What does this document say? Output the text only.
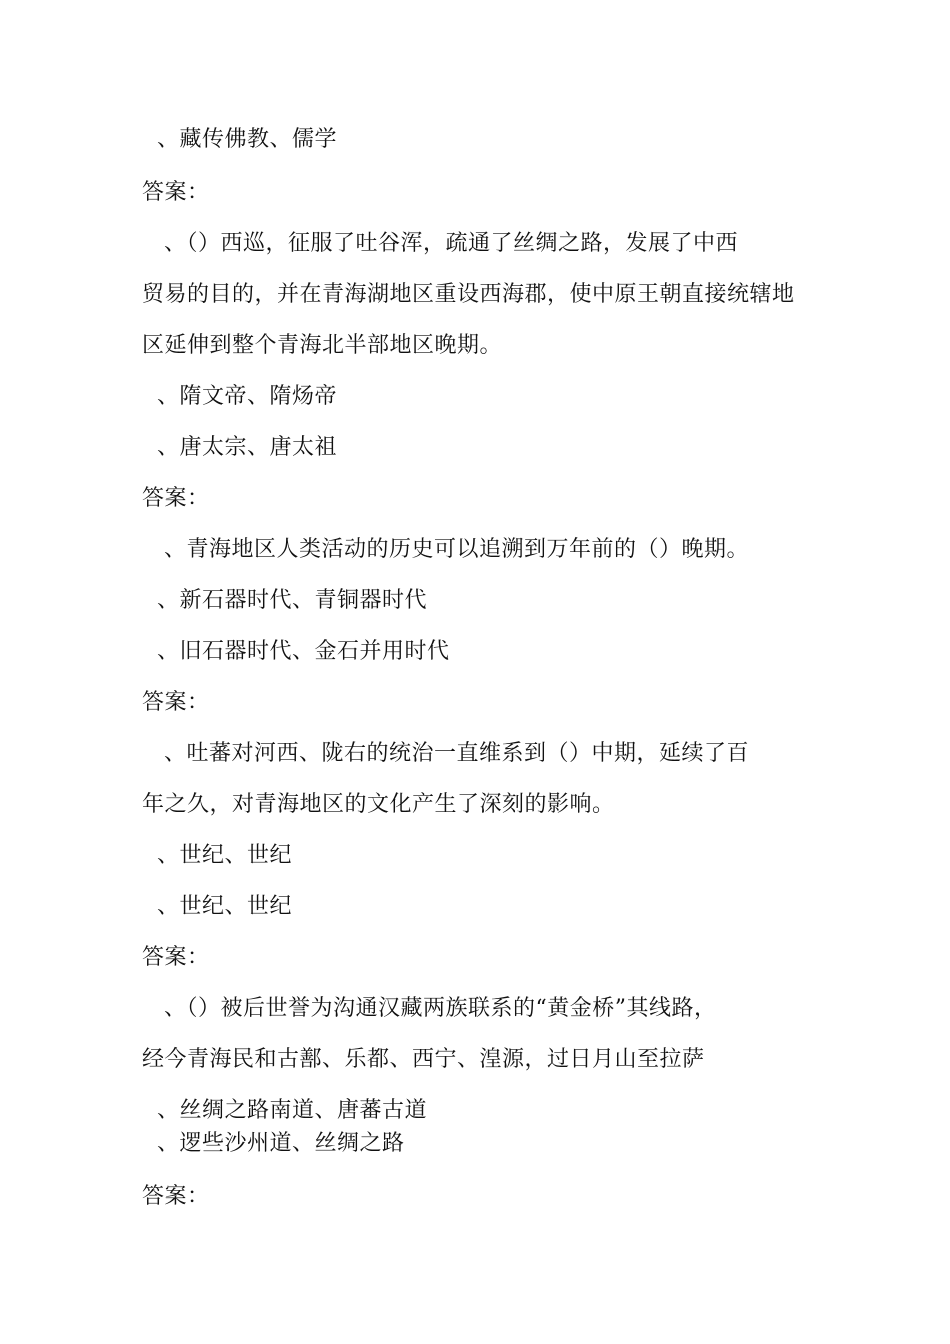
、藏传佛教、儒学
答案：
、（）西巡，征服了吐谷浑，疏通了丝绸之路，发展了中西
贸易的目的，并在青海湖地区重设西海郡，使中原王朝直接统辖地
区延伸到整个青海北半部地区晚期。
、隋文帝、隋炀帝
、唐太宗、唐太祖
答案：
、青海地区人类活动的历史可以追溯到万年前的（）晚期。
、新石器时代、青铜器时代
、旧石器时代、金石并用时代
答案：
、吐蕃对河西、陇右的统治一直维系到（）中期，延续了百
年之久，对青海地区的文化产生了深刻的影响。
、世纪、世纪
、世纪、世纪
答案：
、（）被后世誉为沟通汉藏两族联系的“黄金桥”其线路，
经今青海民和古鄯、乐都、西宁、湟源，过日月山至拉萨
、丝绸之路南道、唐蕃古道
、逻些沙州道、丝绸之路
答案：
